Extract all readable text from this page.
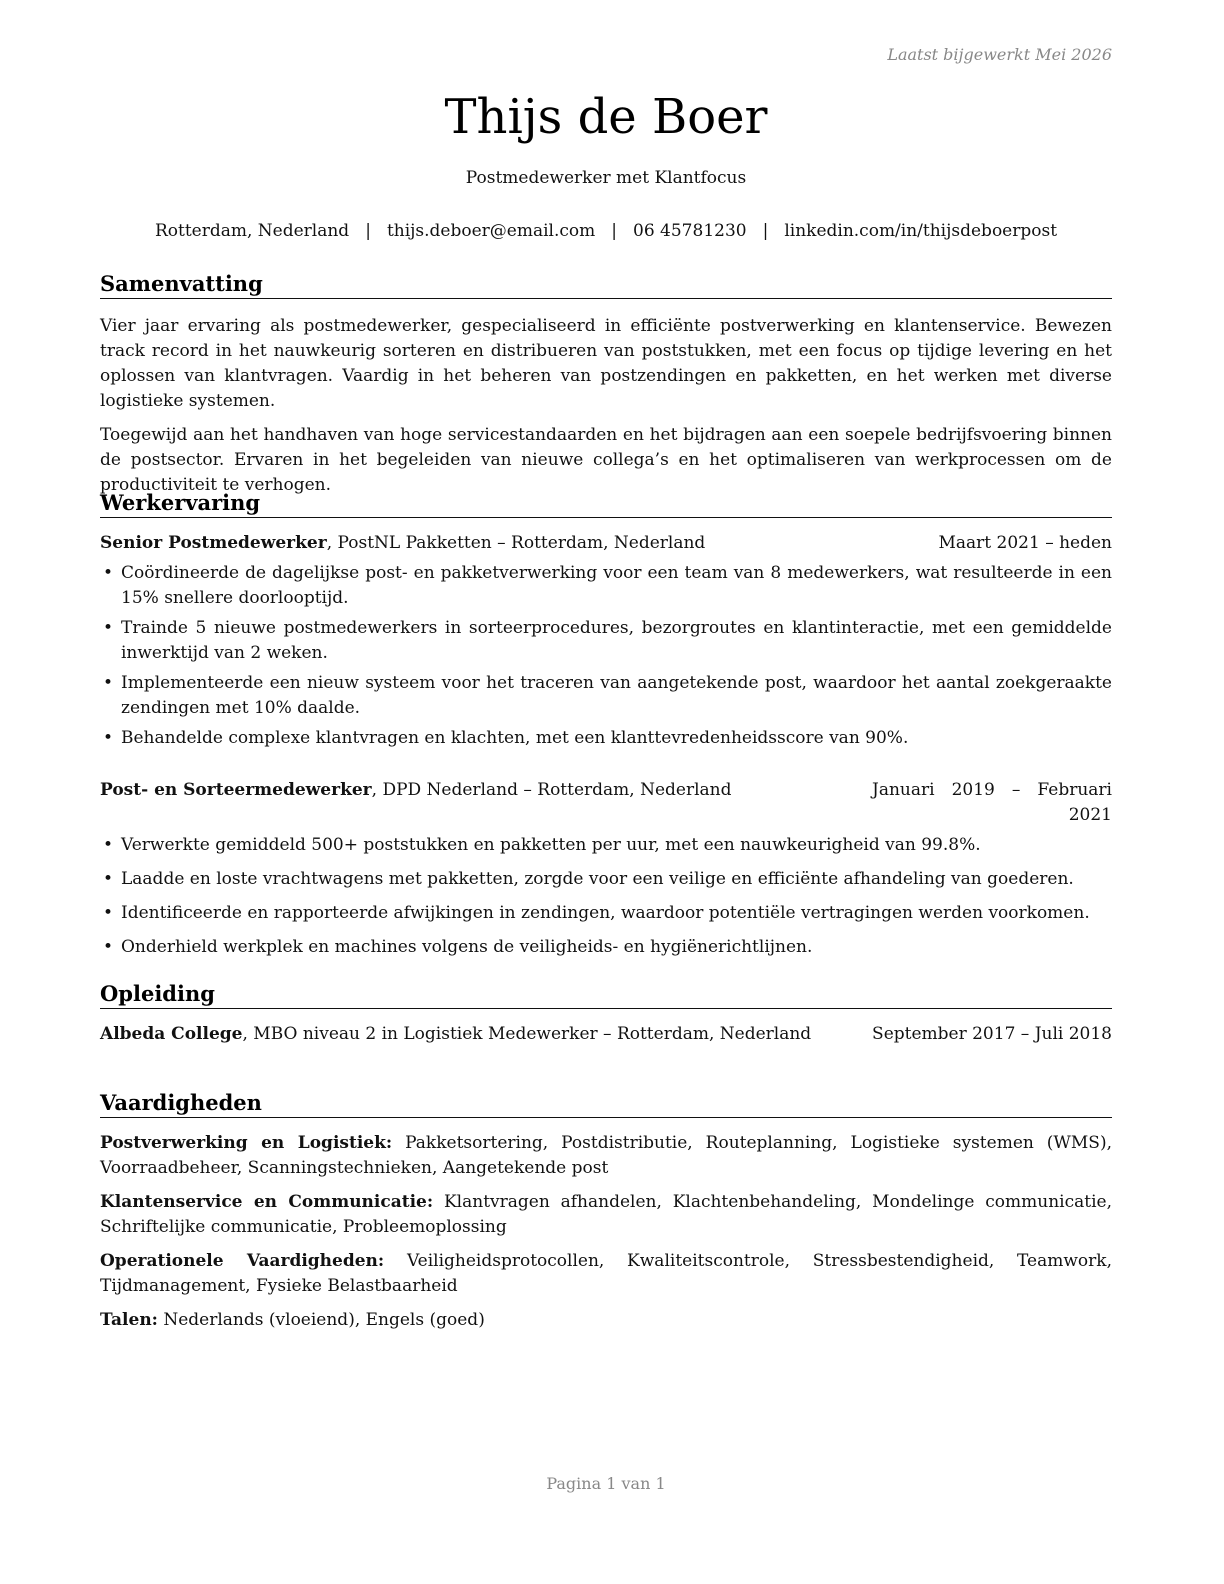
Laatst bijgewerkt Mei 2026
Thijs de Boer
Postmedewerker met Klantfocus
Rotterdam, Nederland | thijs.deboer@email.com | 06 45781230 | linkedin.com/in/thijsdeboerpost
Samenvatting

Vier jaar ervaring als postmedewerker, gespecialiseerd in efficiënte postverwerking en klantenservice. Bewezen track record in het nauwkeurig sorteren en distribueren van poststukken, met een focus op tijdige levering en het oplossen van klantvragen. Vaardig in het beheren van postzendingen en pakketten, en het werken met diverse logistieke systemen.

Toegewijd aan het handhaven van hoge servicestandaarden en het bijdragen aan een soepele bedrijfsvoering binnen de postsector. Ervaren in het begeleiden van nieuwe collega’s en het optimaliseren van werkprocessen om de productiviteit te verhogen.

Werkervaring
Senior Postmedewerker, PostNL Pakketten – Rotterdam, Nederland	Maart 2021 – heden
• Coördineerde de dagelijkse post- en pakketverwerking voor een team van 8 medewerkers, wat resulteerde in een 15% snellere doorlooptijd.
• Trainde 5 nieuwe postmedewerkers in sorteerprocedures, bezorgroutes en klantinteractie, met een gemiddelde inwerktijd van 2 weken.
• Implementeerde een nieuw systeem voor het traceren van aangetekende post, waardoor het aantal zoekgeraakte zendingen met 10% daalde.
• Behandelde complexe klantvragen en klachten, met een klanttevredenheidsscore van 90%.
Post- en Sorteermedewerker, DPD Nederland – Rotterdam, Nederland	Januari 2019 – Februari 2021
• Verwerkte gemiddeld 500+ poststukken en pakketten per uur, met een nauwkeurigheid van 99.8%.
• Laadde en loste vrachtwagens met pakketten, zorgde voor een veilige en efficiënte afhandeling van goederen.
• Identificeerde en rapporteerde afwijkingen in zendingen, waardoor potentiële vertragingen werden voorkomen.
• Onderhield werkplek en machines volgens de veiligheids- en hygiënerichtlijnen.
Opleiding
Albeda College, MBO niveau 2 in Logistiek Medewerker – Rotterdam, Nederland	September 2017 – Juli 2018
Vaardigheden

Postverwerking en Logistiek: Pakketsortering, Postdistributie, Routeplanning, Logistieke systemen (WMS), Voorraadbeheer, Scanningstechnieken, Aangetekende post

Klantenservice en Communicatie: Klantvragen afhandelen, Klachtenbehandeling, Mondelinge communicatie, Schriftelijke communicatie, Probleemoplossing

Operationele Vaardigheden: Veiligheidsprotocollen, Kwaliteitscontrole, Stressbestendigheid, Teamwork, Tijdmanagement, Fysieke Belastbaarheid

Talen: Nederlands (vloeiend), Engels (goed)

Pagina 1 van 1
